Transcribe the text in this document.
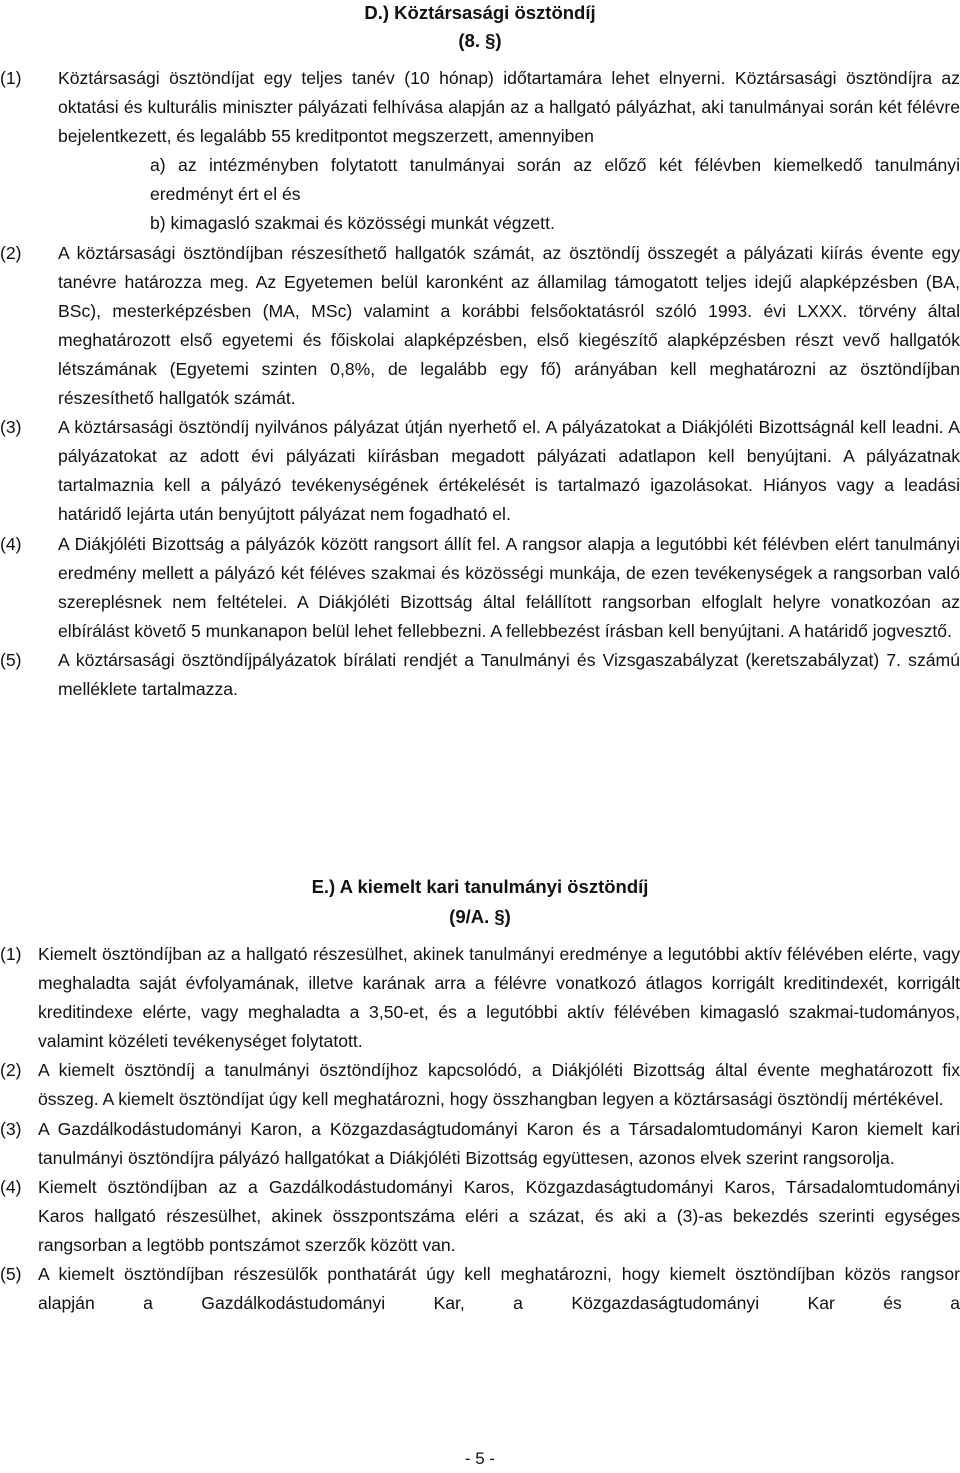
D.) Köztársasági ösztöndíj
(8. §)
(1) Köztársasági ösztöndíjat egy teljes tanév (10 hónap) időtartamára lehet elnyerni. Köztársasági ösztöndíjra az oktatási és kulturális miniszter pályázati felhívása alapján az a hallgató pályázhat, aki tanulmányai során két félévre bejelentkezett, és legalább 55 kreditpontot megszerzett, amennyiben
a) az intézményben folytatott tanulmányai során az előző két félévben kiemelkedő tanulmányi eredményt ért el és
b) kimagasló szakmai és közösségi munkát végzett.
(2) A köztársasági ösztöndíjban részesíthető hallgatók számát, az ösztöndíj összegét a pályázati kiírás évente egy tanévre határozza meg. Az Egyetemen belül karonként az államilag támogatott teljes idejű alapképzésben (BA, BSc), mesterképzésben (MA, MSc) valamint a korábbi felsőoktatásról szóló 1993. évi LXXX. törvény által meghatározott első egyetemi és főiskolai alapképzésben, első kiegészítő alapképzésben részt vevő hallgatók létszámának (Egyetemi szinten 0,8%, de legalább egy fő) arányában kell meghatározni az ösztöndíjban részesíthető hallgatók számát.
(3) A köztársasági ösztöndíj nyilvános pályázat útján nyerhető el. A pályázatokat a Diákjóléti Bizottságnál kell leadni. A pályázatokat az adott évi pályázati kiírásban megadott pályázati adatlapon kell benyújtani. A pályázatnak tartalmaznia kell a pályázó tevékenységének értékelését is tartalmazó igazolásokat. Hiányos vagy a leadási határidő lejárta után benyújtott pályázat nem fogadható el.
(4) A Diákjóléti Bizottság a pályázók között rangsort állít fel. A rangsor alapja a legutóbbi két félévben elért tanulmányi eredmény mellett a pályázó két féléves szakmai és közösségi munkája, de ezen tevékenységek a rangsorban való szereplésnek nem feltételei. A Diákjóléti Bizottság által felállított rangsorban elfoglalt helyre vonatkozóan az elbírálást követő 5 munkanapon belül lehet fellebbezni. A fellebbezést írásban kell benyújtani. A határidő jogvesztő.
(5) A köztársasági ösztöndíjpályázatok bírálati rendjét a Tanulmányi és Vizsgaszabályzat (keretszabályzat) 7. számú melléklete tartalmazza.
E.) A kiemelt kari tanulmányi ösztöndíj
(9/A. §)
(1) Kiemelt ösztöndíjban az a hallgató részesülhet, akinek tanulmányi eredménye a legutóbbi aktív félévében elérte, vagy meghaladta saját évfolyamának, illetve karának arra a félévre vonatkozó átlagos korrigált kreditindexét, korrigált kreditindexe elérte, vagy meghaladta a 3,50-et, és a legutóbbi aktív félévében kimagasló szakmai-tudományos, valamint közéleti tevékenységet folytatott.
(2) A kiemelt ösztöndíj a tanulmányi ösztöndíjhoz kapcsolódó, a Diákjóléti Bizottság által évente meghatározott fix összeg. A kiemelt ösztöndíjat úgy kell meghatározni, hogy összhangban legyen a köztársasági ösztöndíj mértékével.
(3) A Gazdálkodástudományi Karon, a Közgazdaságtudományi Karon és a Társadalomtudományi Karon kiemelt kari tanulmányi ösztöndíjra pályázó hallgatókat a Diákjóléti Bizottság együttesen, azonos elvek szerint rangsorolja.
(4) Kiemelt ösztöndíjban az a Gazdálkodástudományi Karos, Közgazdaságtudományi Karos, Társadalomtudományi Karos hallgató részesülhet, akinek összpontszáma eléri a százat, és aki a (3)-as bekezdés szerinti egységes rangsorban a legtöbb pontszámot szerzők között van.
(5) A kiemelt ösztöndíjban részesülők ponthatárát úgy kell meghatározni, hogy kiemelt ösztöndíjban közös rangsor alapján a Gazdálkodástudományi Kar, a Közgazdaságtudományi Kar és a
- 5 -
